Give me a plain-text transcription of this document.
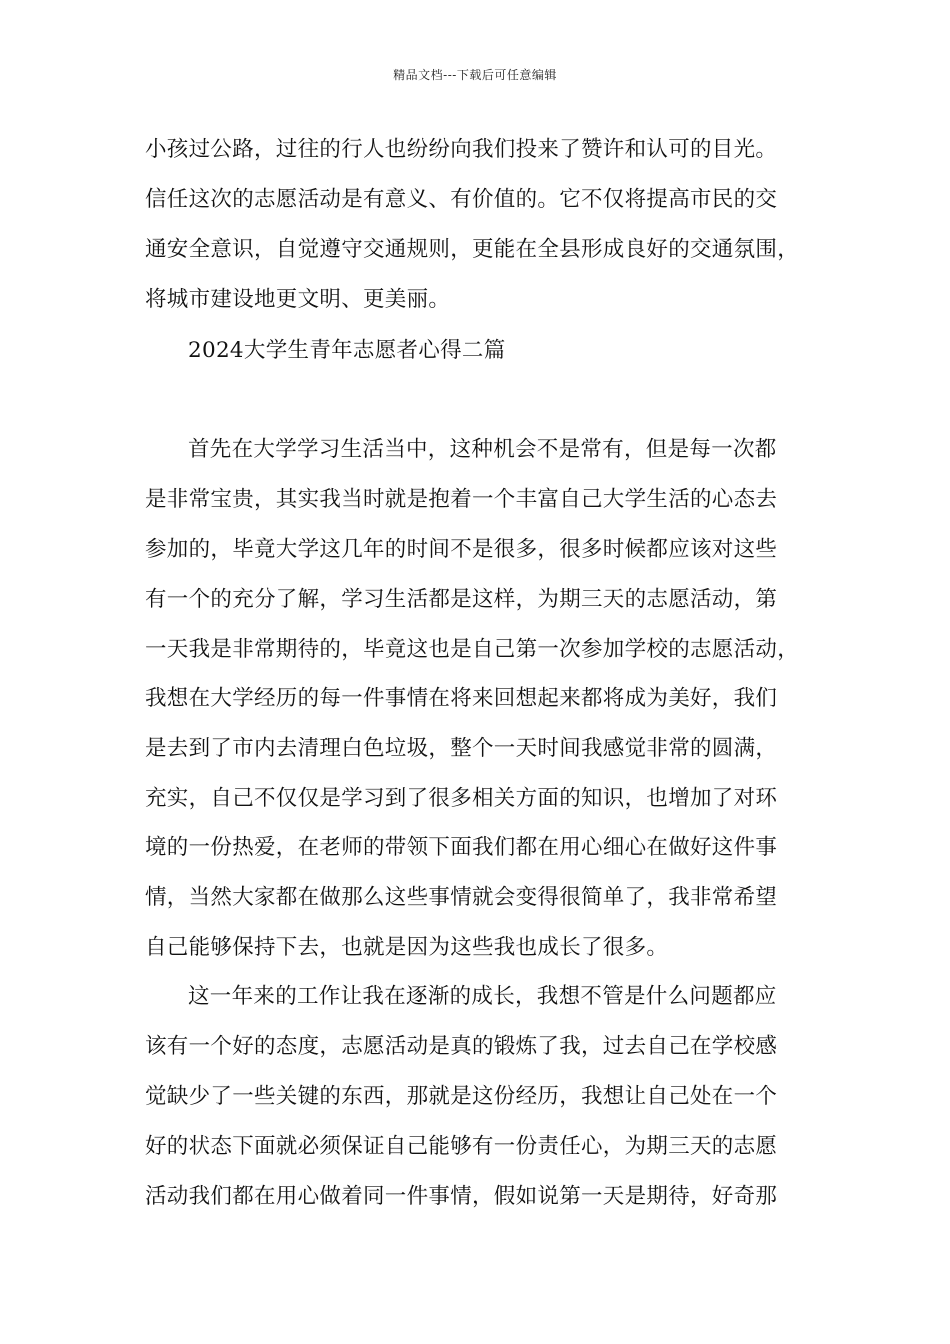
精品文档---下载后可任意编辑
小孩过公路，过往的行人也纷纷向我们投来了赞许和认可的目光。
信任这次的志愿活动是有意义、有价值的。它不仅将提高市民的交
通安全意识，自觉遵守交通规则，更能在全县形成良好的交通氛围，
将城市建设地更文明、更美丽。
2024大学生青年志愿者心得二篇
首先在大学学习生活当中，这种机会不是常有，但是每一次都
是非常宝贵，其实我当时就是抱着一个丰富自己大学生活的心态去
参加的，毕竟大学这几年的时间不是很多，很多时候都应该对这些
有一个的充分了解，学习生活都是这样，为期三天的志愿活动，第
一天我是非常期待的，毕竟这也是自己第一次参加学校的志愿活动，
我想在大学经历的每一件事情在将来回想起来都将成为美好，我们
是去到了市内去清理白色垃圾，整个一天时间我感觉非常的圆满，
充实，自己不仅仅是学习到了很多相关方面的知识，也增加了对环
境的一份热爱，在老师的带领下面我们都在用心细心在做好这件事
情，当然大家都在做那么这些事情就会变得很简单了，我非常希望
自己能够保持下去，也就是因为这些我也成长了很多。
这一年来的工作让我在逐渐的成长，我想不管是什么问题都应
该有一个好的态度，志愿活动是真的锻炼了我，过去自己在学校感
觉缺少了一些关键的东西，那就是这份经历，我想让自己处在一个
好的状态下面就必须保证自己能够有一份责任心，为期三天的志愿
活动我们都在用心做着同一件事情，假如说第一天是期待，好奇那
